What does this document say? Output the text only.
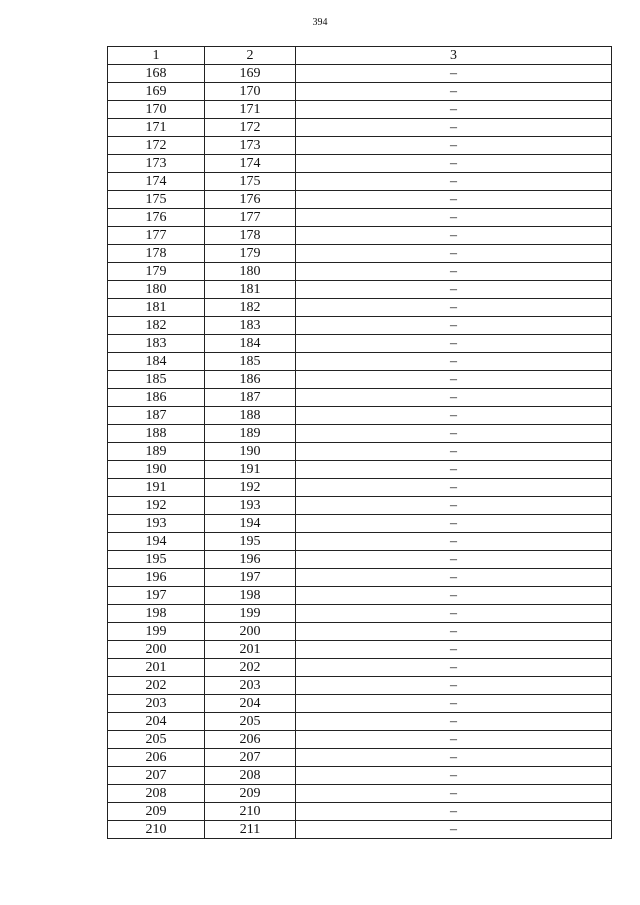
394
1	2	3
168	169	–
169	170	–
170	171	–
171	172	–
172	173	–
173	174	–
174	175	–
175	176	–
176	177	–
177	178	–
178	179	–
179	180	–
180	181	–
181	182	–
182	183	–
183	184	–
184	185	–
185	186	–
186	187	–
187	188	–
188	189	–
189	190	–
190	191	–
191	192	–
192	193	–
193	194	–
194	195	–
195	196	–
196	197	–
197	198	–
198	199	–
199	200	–
200	201	–
201	202	–
202	203	–
203	204	–
204	205	–
205	206	–
206	207	–
207	208	–
208	209	–
209	210	–
210	211	–
